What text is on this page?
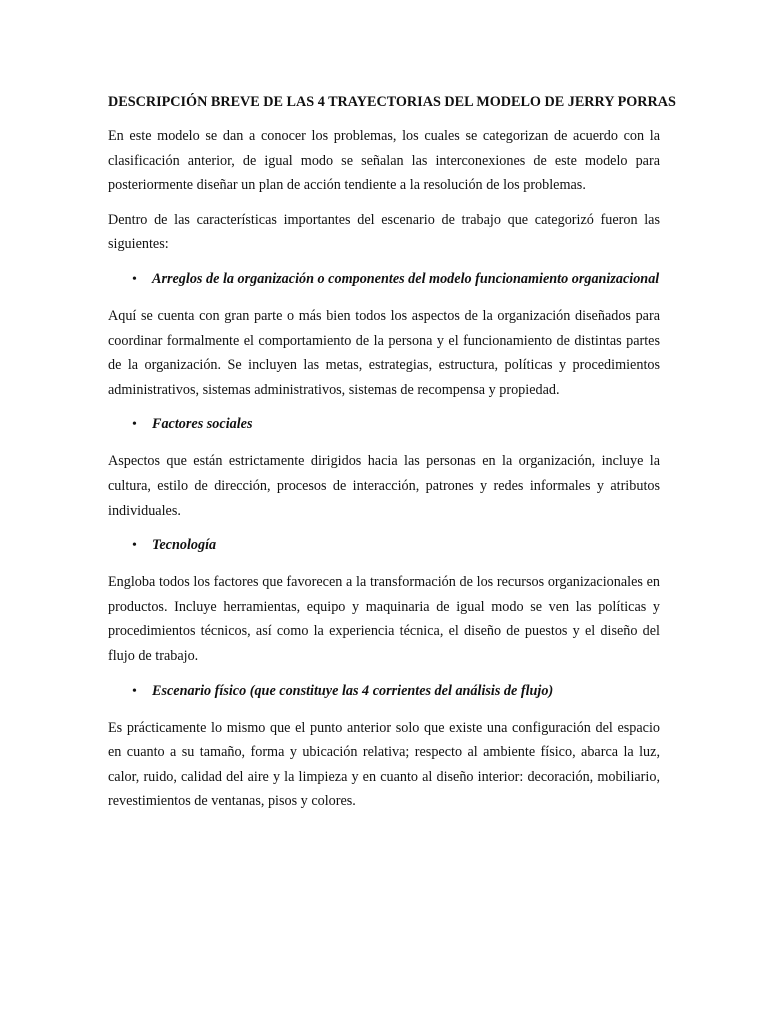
DESCRIPCIÓN BREVE DE LAS 4 TRAYECTORIAS DEL MODELO DE JERRY PORRAS

En este modelo se dan a conocer los problemas, los cuales se categorizan de acuerdo con la clasificación anterior, de igual modo se señalan las interconexiones de este modelo para posteriormente diseñar un plan de acción tendiente a la resolución de los problemas.

Dentro de las características importantes del escenario de trabajo que categorizó fueron las siguientes:

•	Arreglos de la organización o componentes del modelo funcionamiento organizacional

Aquí se cuenta con gran parte o más bien todos los aspectos de la organización diseñados para coordinar formalmente el comportamiento de la persona y el funcionamiento de distintas partes de la organización. Se incluyen las metas, estrategias, estructura, políticas y procedimientos administrativos, sistemas administrativos, sistemas de recompensa y propiedad.

•	Factores sociales

Aspectos que están estrictamente dirigidos hacia las personas en la organización, incluye la cultura, estilo de dirección, procesos de interacción, patrones y redes informales y atributos individuales.

•	Tecnología

Engloba todos los factores que favorecen a la transformación de los recursos organizacionales en productos. Incluye herramientas, equipo y maquinaria de igual modo se ven las políticas y procedimientos técnicos, así como la experiencia técnica, el diseño de puestos y el diseño del flujo de trabajo.

•	Escenario físico (que constituye las 4 corrientes del análisis de flujo)

Es prácticamente lo mismo que el punto anterior solo que existe una configuración del espacio en cuanto a su tamaño, forma y ubicación relativa; respecto al ambiente físico, abarca la luz, calor, ruido, calidad del aire y la limpieza y en cuanto al diseño interior: decoración, mobiliario, revestimientos de ventanas, pisos y colores.
